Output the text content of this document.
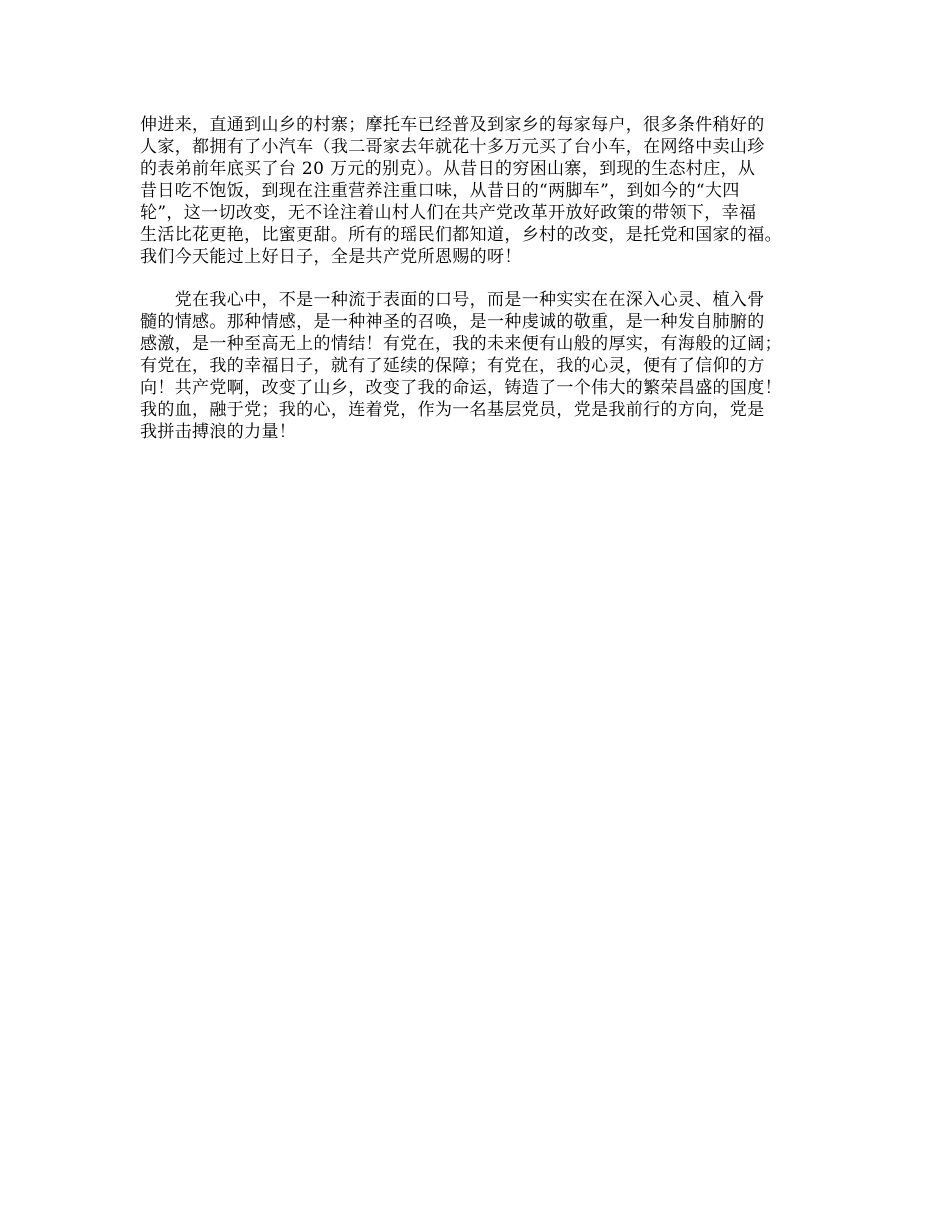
伸进来，直通到山乡的村寨；摩托车已经普及到家乡的每家每户，很多条件稍好的
人家，都拥有了小汽车（我二哥家去年就花十多万元买了台小车，在网络中卖山珍
的表弟前年底买了台 20 万元的别克）。从昔日的穷困山寨，到现的生态村庄，从
昔日吃不饱饭，到现在注重营养注重口味，从昔日的“两脚车”，到如今的“大四
轮”，这一切改变，无不诠注着山村人们在共产党改革开放好政策的带领下，幸福
生活比花更艳，比蜜更甜。所有的瑶民们都知道，乡村的改变，是托党和国家的福。
我们今天能过上好日子，全是共产党所恩赐的呀！
　　党在我心中，不是一种流于表面的口号，而是一种实实在在深入心灵、植入骨
髓的情感。那种情感，是一种神圣的召唤，是一种虔诚的敬重，是一种发自肺腑的
感激，是一种至高无上的情结！有党在，我的未来便有山般的厚实，有海般的辽阔；
有党在，我的幸福日子，就有了延续的保障；有党在，我的心灵，便有了信仰的方
向！共产党啊，改变了山乡，改变了我的命运，铸造了一个伟大的繁荣昌盛的国度！
我的血，融于党；我的心，连着党，作为一名基层党员，党是我前行的方向，党是
我拼击搏浪的力量！
